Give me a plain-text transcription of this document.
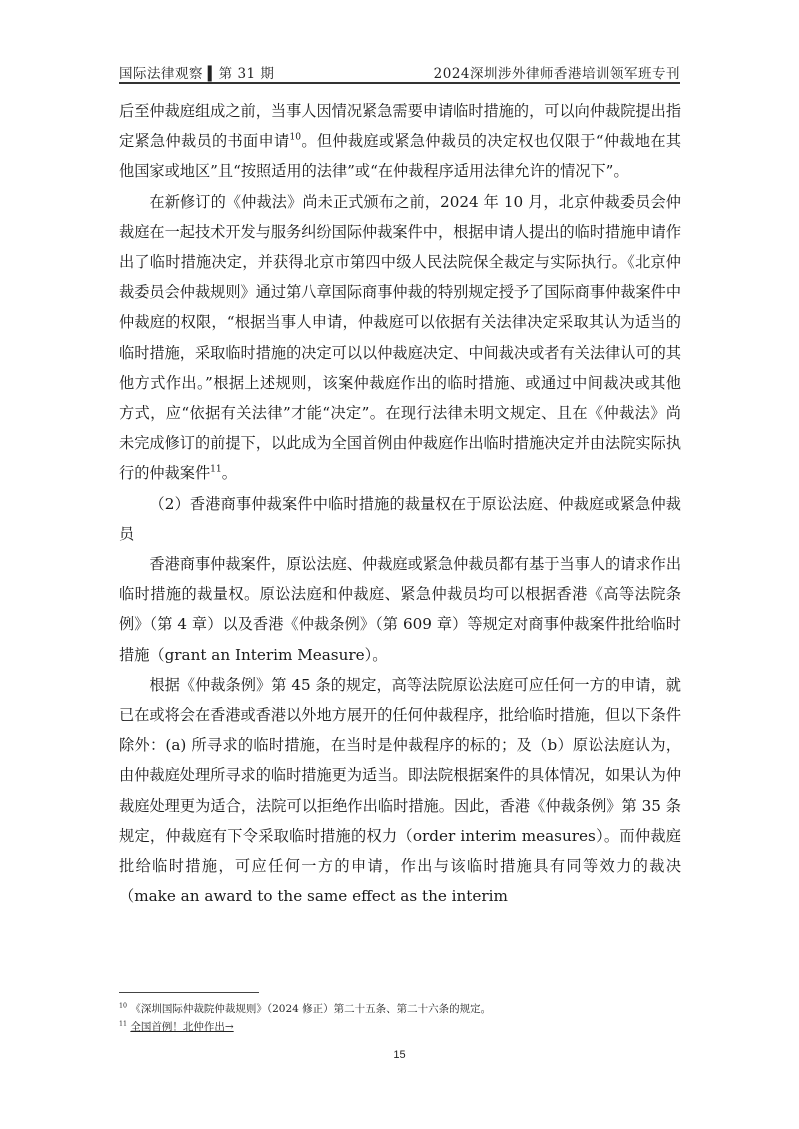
国际法律观察 ▍第 31 期	2024深圳涉外律师香港培训领军班专刊

后至仲裁庭组成之前，当事人因情况紧急需要申请临时措施的，可以向仲裁院提出指定紧急仲裁员的书面申请$^{10}$。但仲裁庭或紧急仲裁员的决定权也仅限于“仲裁地在其他国家或地区”且“按照适用的法律”或“在仲裁程序适用法律允许的情况下”。

在新修订的《仲裁法》尚未正式颁布之前，2024 年 10 月，北京仲裁委员会仲裁庭在一起技术开发与服务纠纷国际仲裁案件中，根据申请人提出的临时措施申请作出了临时措施决定，并获得北京市第四中级人民法院保全裁定与实际执行。《北京仲裁委员会仲裁规则》通过第八章国际商事仲裁的特别规定授予了国际商事仲裁案件中仲裁庭的权限，“根据当事人申请，仲裁庭可以依据有关法律决定采取其认为适当的临时措施，采取临时措施的决定可以以仲裁庭决定、中间裁决或者有关法律认可的其他方式作出。”根据上述规则，该案仲裁庭作出的临时措施、或通过中间裁决或其他方式，应“依据有关法律”才能“决定”。在现行法律未明文规定、且在《仲裁法》尚未完成修订的前提下，以此成为全国首例由仲裁庭作出临时措施决定并由法院实际执行的仲裁案件$^{11}$。

（2）香港商事仲裁案件中临时措施的裁量权在于原讼法庭、仲裁庭或紧急仲裁员

香港商事仲裁案件，原讼法庭、仲裁庭或紧急仲裁员都有基于当事人的请求作出临时措施的裁量权。原讼法庭和仲裁庭、紧急仲裁员均可以根据香港《高等法院条例》（第 4 章）以及香港《仲裁条例》（第 609 章）等规定对商事仲裁案件批给临时措施（grant an Interim Measure）。

根据《仲裁条例》第 45 条的规定，高等法院原讼法庭可应任何一方的申请，就已在或将会在香港或香港以外地方展开的任何仲裁程序，批给临时措施，但以下条件除外：(a) 所寻求的临时措施，在当时是仲裁程序的标的；及（b）原讼法庭认为，由仲裁庭处理所寻求的临时措施更为适当。即法院根据案件的具体情况，如果认为仲裁庭处理更为适合，法院可以拒绝作出临时措施。因此，香港《仲裁条例》第 35 条规定，仲裁庭有下令采取临时措施的权力（order interim measures）。而仲裁庭批给临时措施，可应任何一方的申请，作出与该临时措施具有同等效力的裁决（make an award to the same effect as the interim

$^{10}$ 《深圳国际仲裁院仲裁规则》（2024 修正）第二十五条、第二十六条的规定。

$^{11}$ 全国首例！北仲作出→

15
